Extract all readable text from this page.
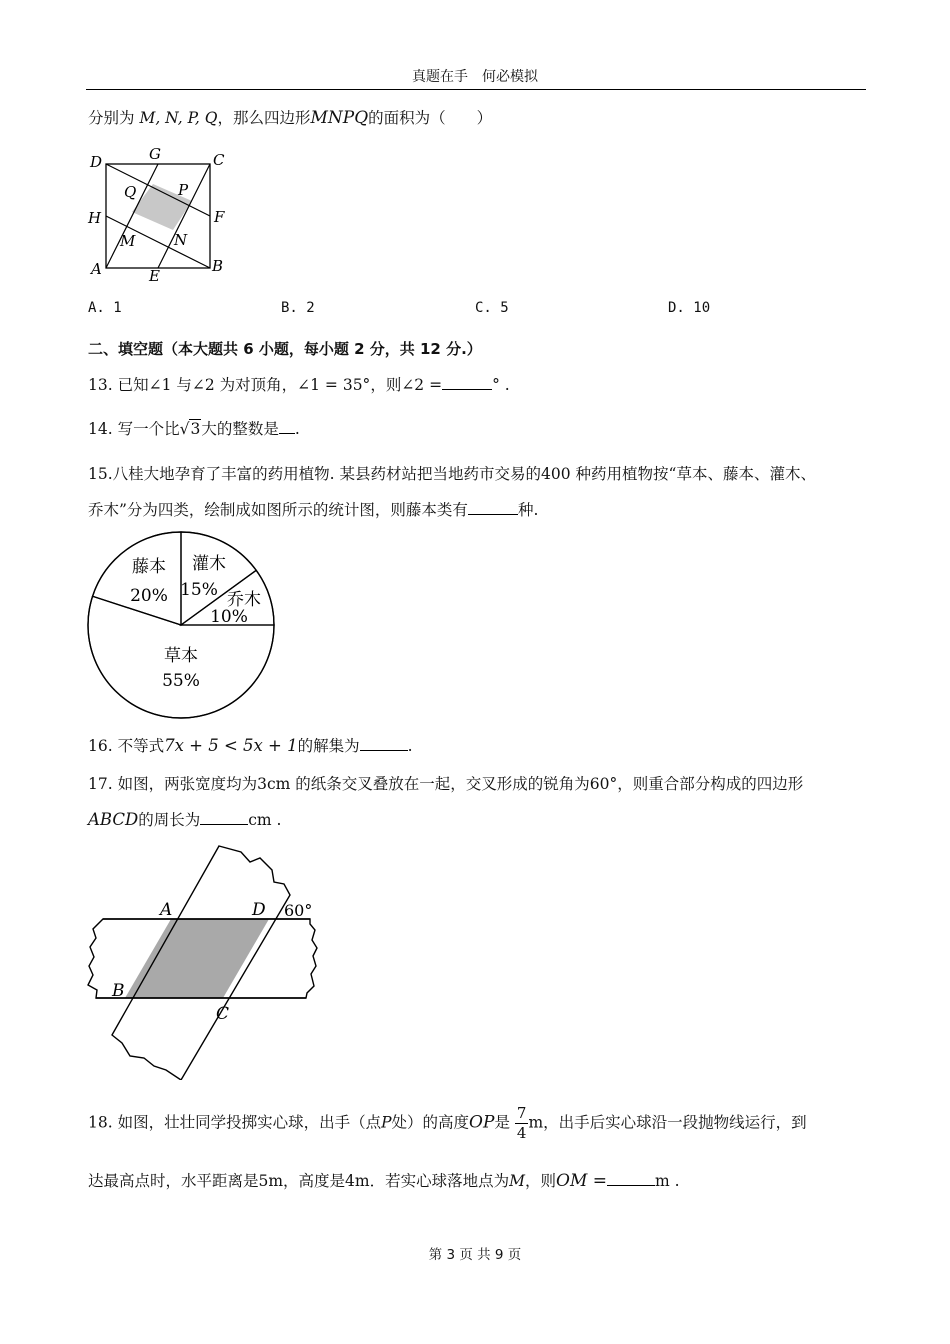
真题在手　何必模拟
分别为 M, N, P, Q，那么四边形MNPQ的面积为（　　）
D	G	C
Q	P
H	F
M	N
A	E
B
A. 1	B. 2	C. 5	D. 10
二、填空题（本大题共 6 小题，每小题 2 分，共 12 分.）
13. 已知∠1 与∠2 为对顶角，∠1 = 35°，则∠2 =	° .
14. 写一个比√3大的整数是 .
15.八桂大地孕育了丰富的药用植物. 某县药材站把当地药市交易的400 种药用植物按“草本、藤本、灌木、
乔木”分为四类，绘制成如图所示的统计图，则藤本类有	种.
草本
55%
藤本
20%
灌木
15% 乔木
10%
16. 不等式7x + 5 < 5x + 1的解集为	.
17. 如图，两张宽度均为3cm 的纸条交叉叠放在一起，交叉形成的锐角为60°，则重合部分构成的四边形
ABCD的周长为	cm .
A	D
B
C
60°
18. 如图，壮壮同学投掷实心球，出手（点P处）的高度OP是 $\frac{7}{4}$ m，出手后实心球沿一段抛物线运行，到
达最高点时，水平距离是5m，高度是4m．若实心球落地点为M，则OM =	m .
第 3 页 共 9 页
